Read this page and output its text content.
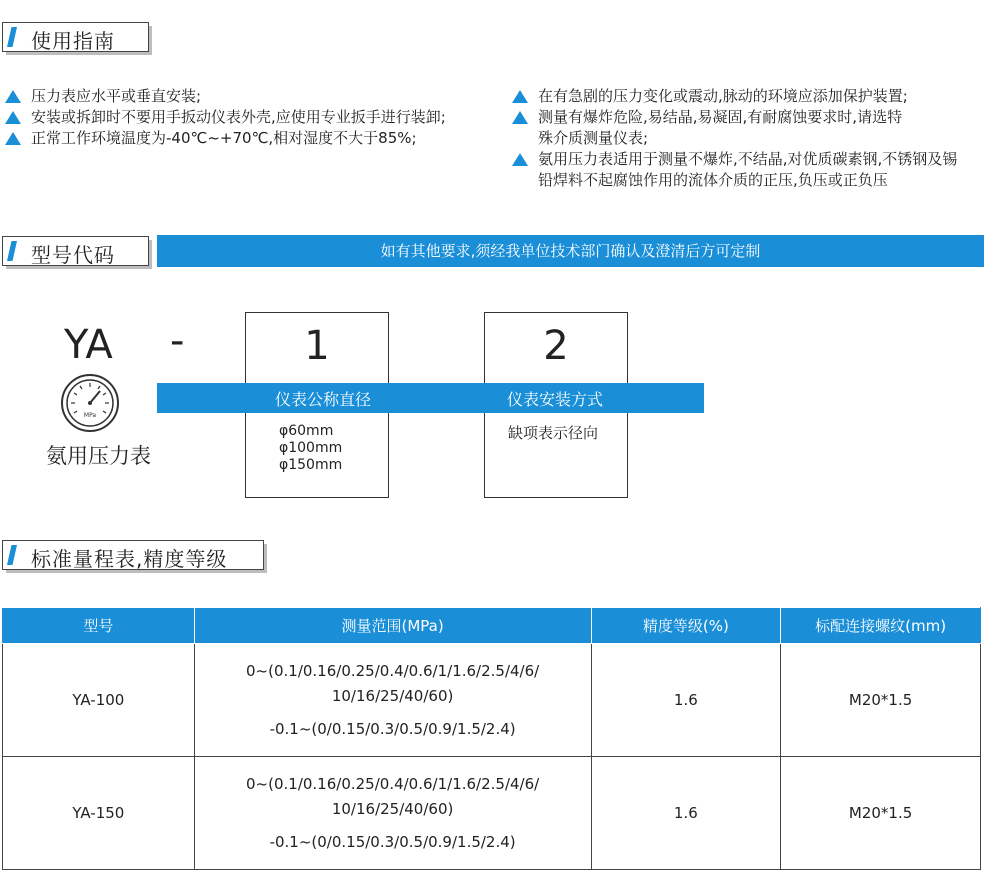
使用指南
压力表应水平或垂直安装;
安装或拆卸时不要用手扳动仪表外壳,应使用专业扳手进行装卸;
正常工作环境温度为-40℃~+70℃,相对湿度不大于85%;
在有急剧的压力变化或震动,脉动的环境应添加保护装置;
测量有爆炸危险,易结晶,易凝固,有耐腐蚀要求时,请选特殊介质测量仪表;
氨用压力表适用于测量不爆炸,不结晶,对优质碳素钢,不锈钢及锡铅焊料不起腐蚀作用的流体介质的正压,负压或正负压
型号代码	如有其他要求,须经我单位技术部门确认及澄清后方可定制
YA -
MPa
氨用压力表
1	2
仪表公称直径	仪表安装方式
φ60mm
φ100mm
φ150mm
缺项表示径向
标准量程表,精度等级
型号	测量范围(MPa)	精度等级(%)	标配连接螺纹(mm)
YA-100	0~(0.1/0.16/0.25/0.4/0.6/1/1.6/2.5/4/6/
10/16/25/40/60)
-0.1~(0/0.15/0.3/0.5/0.9/1.5/2.4)	1.6	M20*1.5
YA-150	0~(0.1/0.16/0.25/0.4/0.6/1/1.6/2.5/4/6/
10/16/25/40/60)
-0.1~(0/0.15/0.3/0.5/0.9/1.5/2.4)	1.6	M20*1.5
